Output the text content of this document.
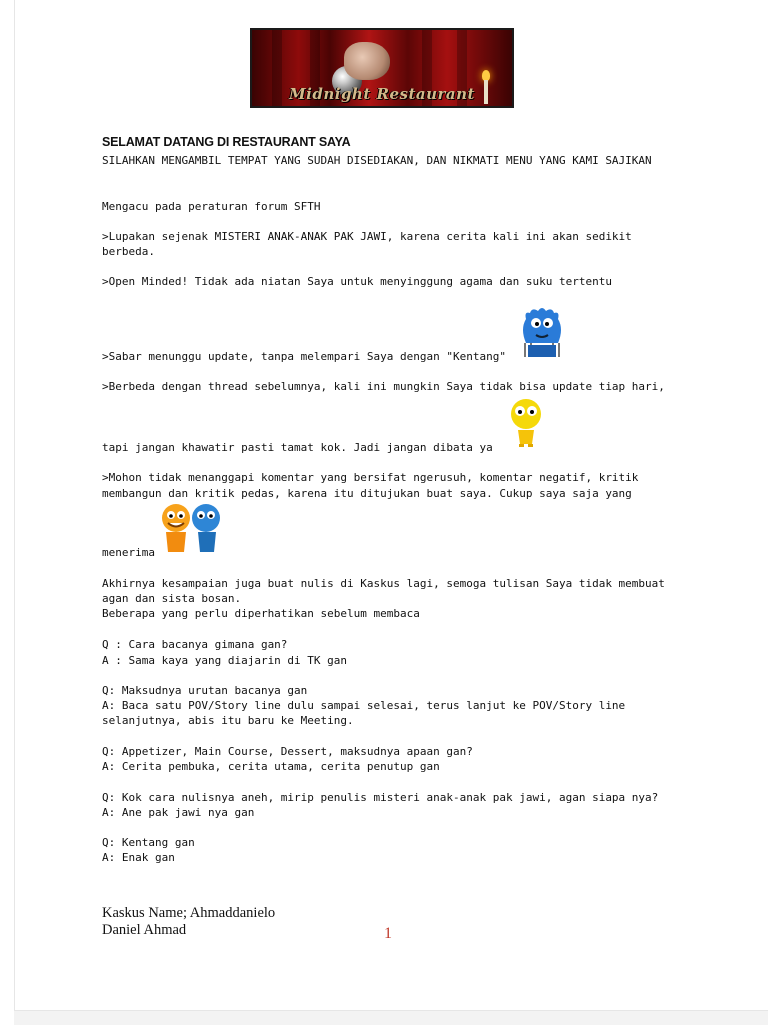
Midnight Restaurant
SELAMAT DATANG DI RESTAURANT SAYA
SILAHKAN MENGAMBIL TEMPAT YANG SUDAH DISEDIAKAN, DAN NIKMATI MENU YANG KAMI SAJIKAN
Mengacu pada peraturan forum SFTH
>Lupakan sejenak MISTERI ANAK-ANAK PAK JAWI, karena cerita kali ini akan sedikit
berbeda.
>Open Minded! Tidak ada niatan Saya untuk menyinggung agama dan suku tertentu
>Sabar menunggu update, tanpa melempari Saya dengan "Kentang"
>Berbeda dengan thread sebelumnya, kali ini mungkin Saya tidak bisa update tiap hari,
tapi jangan khawatir pasti tamat kok. Jadi jangan dibata ya
>Mohon tidak menanggapi komentar yang bersifat ngerusuh, komentar negatif, kritik
membangun dan kritik pedas, karena itu ditujukan buat saya. Cukup saya saja yang
menerima
Akhirnya kesampaian juga buat nulis di Kaskus lagi, semoga tulisan Saya tidak membuat
agan dan sista bosan.
Beberapa yang perlu diperhatikan sebelum membaca
Q : Cara bacanya gimana gan?
A : Sama kaya yang diajarin di TK gan
Q: Maksudnya urutan bacanya gan
A: Baca satu POV/Story line dulu sampai selesai, terus lanjut ke POV/Story line
selanjutnya, abis itu baru ke Meeting.
Q: Appetizer, Main Course, Dessert, maksudnya apaan gan?
A: Cerita pembuka, cerita utama, cerita penutup gan
Q: Kok cara nulisnya aneh, mirip penulis misteri anak-anak pak jawi, agan siapa nya?
A: Ane pak jawi nya gan
Q: Kentang gan
A: Enak gan
Kaskus Name; Ahmaddanielo
Daniel Ahmad	1
